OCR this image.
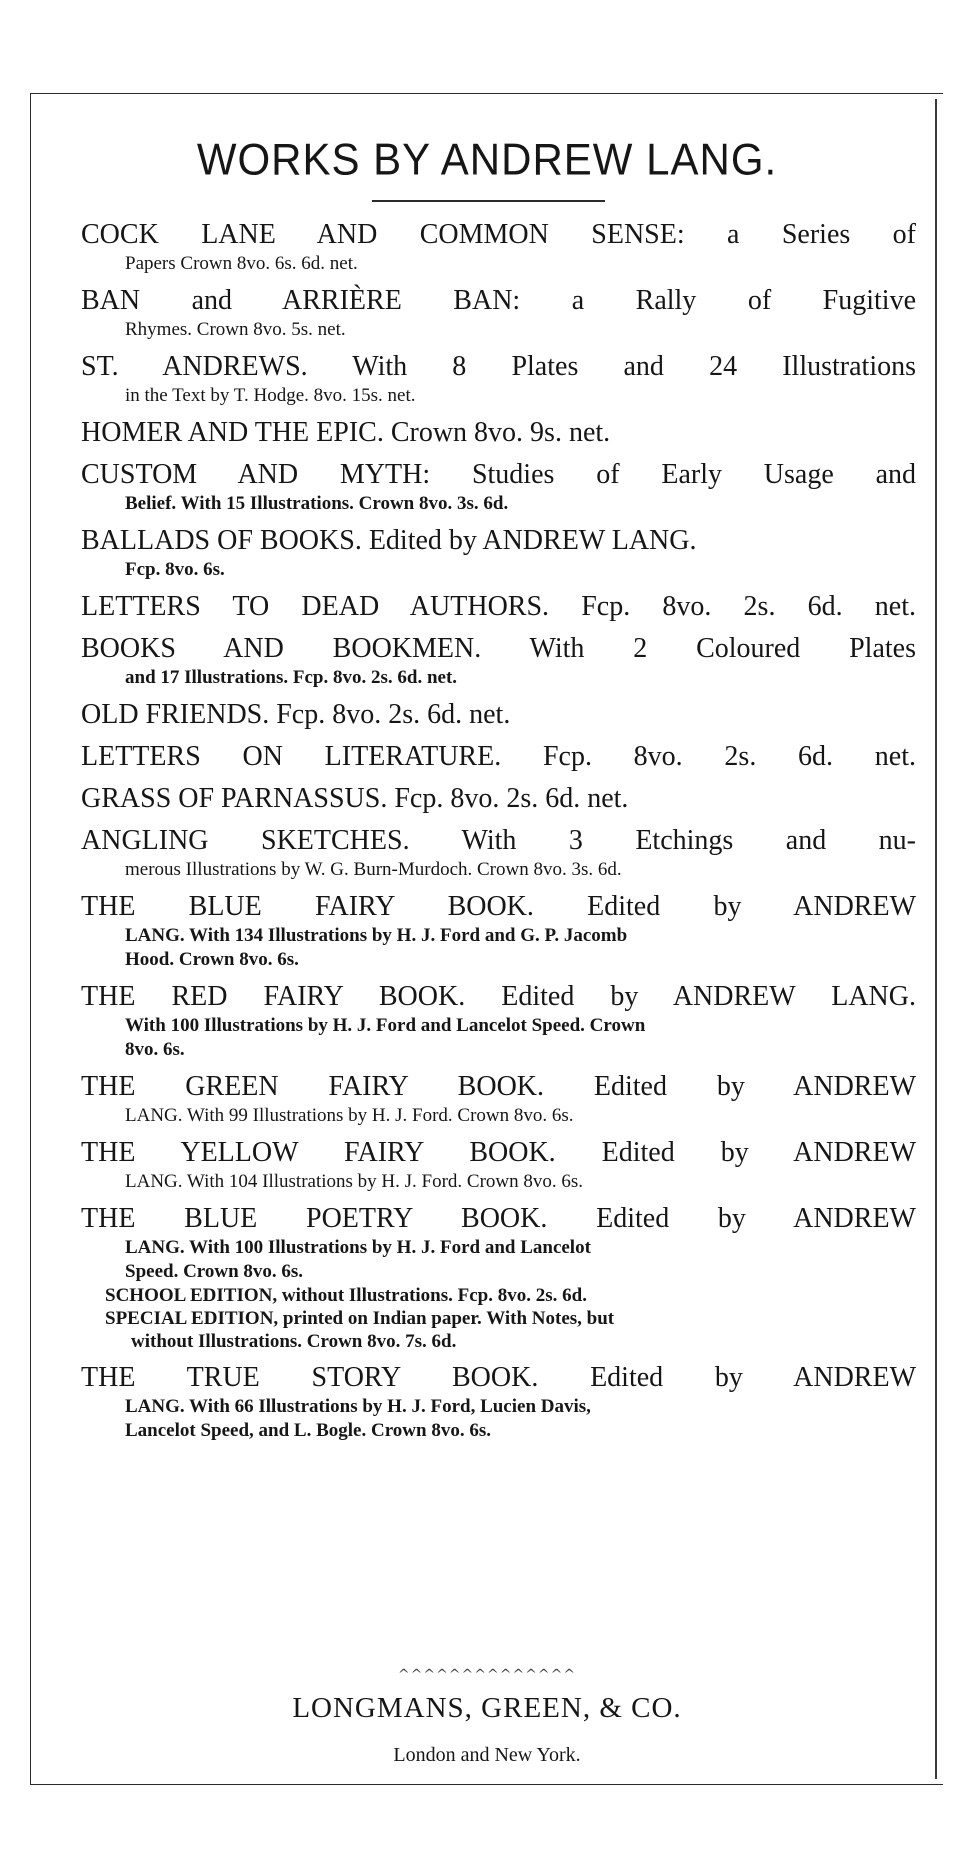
WORKS BY ANDREW LANG.
COCK LANE AND COMMON SENSE: a Series of
Papers Crown 8vo. 6s. 6d. net.
BAN and ARRIÈRE BAN: a Rally of Fugitive
Rhymes. Crown 8vo. 5s. net.
ST. ANDREWS. With 8 Plates and 24 Illustrations
in the Text by T. Hodge. 8vo. 15s. net.
HOMER AND THE EPIC. Crown 8vo. 9s. net.
CUSTOM AND MYTH: Studies of Early Usage and
Belief. With 15 Illustrations. Crown 8vo. 3s. 6d.
BALLADS OF BOOKS. Edited by ANDREW LANG.
Fcp. 8vo. 6s.
LETTERS TO DEAD AUTHORS. Fcp. 8vo. 2s. 6d. net.
BOOKS AND BOOKMEN. With 2 Coloured Plates
and 17 Illustrations. Fcp. 8vo. 2s. 6d. net.
OLD FRIENDS. Fcp. 8vo. 2s. 6d. net.
LETTERS ON LITERATURE. Fcp. 8vo. 2s. 6d. net.
GRASS OF PARNASSUS. Fcp. 8vo. 2s. 6d. net.
ANGLING SKETCHES. With 3 Etchings and nu-
merous Illustrations by W. G. Burn-Murdoch. Crown 8vo. 3s. 6d.
THE BLUE FAIRY BOOK. Edited by ANDREW
LANG. With 134 Illustrations by H. J. Ford and G. P. Jacomb
Hood. Crown 8vo. 6s.
THE RED FAIRY BOOK. Edited by ANDREW LANG.
With 100 Illustrations by H. J. Ford and Lancelot Speed. Crown
8vo. 6s.
THE GREEN FAIRY BOOK. Edited by ANDREW
LANG. With 99 Illustrations by H. J. Ford. Crown 8vo. 6s.
THE YELLOW FAIRY BOOK. Edited by ANDREW
LANG. With 104 Illustrations by H. J. Ford. Crown 8vo. 6s.
THE BLUE POETRY BOOK. Edited by ANDREW
LANG. With 100 Illustrations by H. J. Ford and Lancelot
Speed. Crown 8vo. 6s.
SCHOOL EDITION, without Illustrations. Fcp. 8vo. 2s. 6d.
SPECIAL EDITION, printed on Indian paper. With Notes, but
without Illustrations. Crown 8vo. 7s. 6d.
THE TRUE STORY BOOK. Edited by ANDREW
LANG. With 66 Illustrations by H. J. Ford, Lucien Davis,
Lancelot Speed, and L. Bogle. Crown 8vo. 6s.
^^^^^^^^^^^^^^
LONGMANS, GREEN, & CO.
London and New York.
